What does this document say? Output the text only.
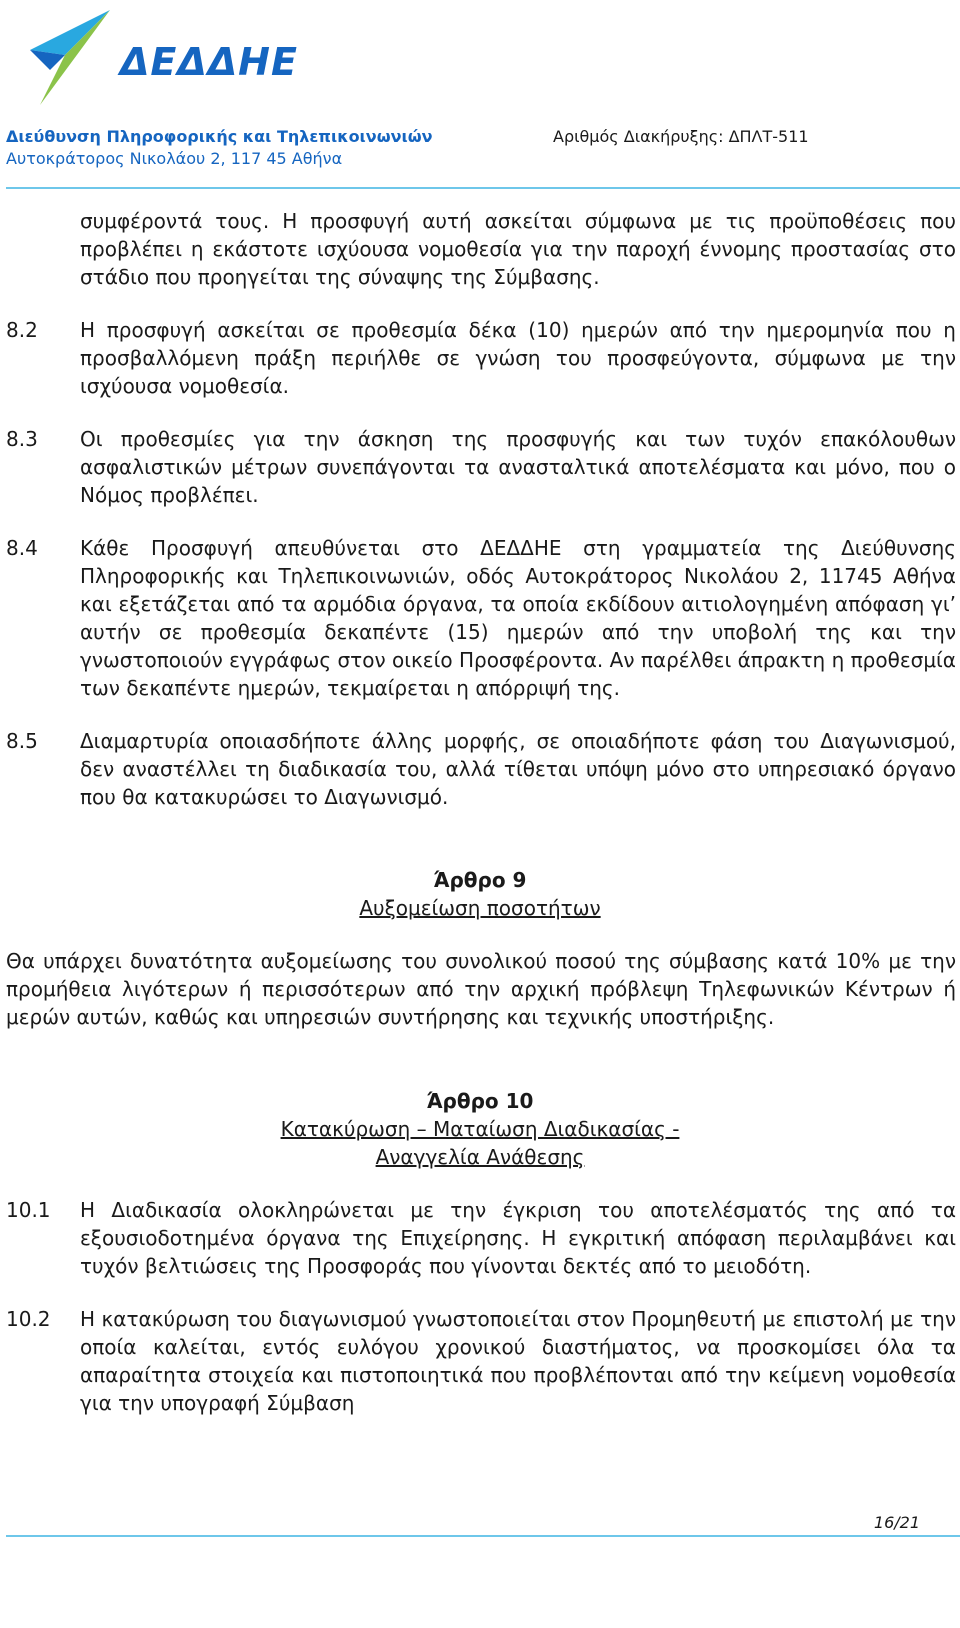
ΔΕΔΔΗΕ
Διεύθυνση Πληροφορικής και Τηλεπικοινωνιών
Αυτοκράτορος Νικολάου 2, 117 45 Αθήνα
Αριθμός Διακήρυξης: ΔΠΛΤ-511

συμφέροντά τους. Η προσφυγή αυτή ασκείται σύμφωνα με τις προϋποθέσεις που προβλέπει η εκάστοτε ισχύουσα νομοθεσία για την παροχή έννομης προστασίας στο στάδιο που προηγείται της σύναψης της Σύμβασης.

8.2	Η προσφυγή ασκείται σε προθεσμία δέκα (10) ημερών από την ημερομηνία που η προσβαλλόμενη πράξη περιήλθε σε γνώση του προσφεύγοντα, σύμφωνα με την ισχύουσα νομοθεσία.
8.3	Οι προθεσμίες για την άσκηση της προσφυγής και των τυχόν επακόλουθων ασφαλιστικών μέτρων συνεπάγονται τα ανασταλτικά αποτελέσματα και μόνο, που ο Νόμος προβλέπει.
8.4	Κάθε Προσφυγή απευθύνεται στο ΔΕΔΔΗΕ στη γραμματεία της Διεύθυνσης Πληροφορικής και Τηλεπικοινωνιών, οδός Αυτοκράτορος Νικολάου 2, 11745 Αθήνα και εξετάζεται από τα αρμόδια όργανα, τα οποία εκδίδουν αιτιολογημένη απόφαση γι’ αυτήν σε προθεσμία δεκαπέντε (15) ημερών από την υποβολή της και την γνωστοποιούν εγγράφως στον οικείο Προσφέροντα. Αν παρέλθει άπρακτη η προθεσμία των δεκαπέντε ημερών, τεκμαίρεται η απόρριψή της.
8.5	Διαμαρτυρία οποιασδήποτε άλλης μορφής, σε οποιαδήποτε φάση του Διαγωνισμού, δεν αναστέλλει τη διαδικασία του, αλλά τίθεται υπόψη μόνο στο υπηρεσιακό όργανο που θα κατακυρώσει το Διαγωνισμό.

Άρθρο 9

Αυξομείωση ποσοτήτων

Θα υπάρχει δυνατότητα αυξομείωσης του συνολικού ποσού της σύμβασης κατά 10% με την προμήθεια λιγότερων ή περισσότερων από την αρχική πρόβλεψη Τηλεφωνικών Κέντρων ή μερών αυτών, καθώς και υπηρεσιών συντήρησης και τεχνικής υποστήριξης.

Άρθρο 10

Κατακύρωση – Ματαίωση Διαδικασίας -

Αναγγελία Ανάθεσης

10.1	Η Διαδικασία ολοκληρώνεται με την έγκριση του αποτελέσματός της από τα εξουσιοδοτημένα όργανα της Επιχείρησης. Η εγκριτική απόφαση περιλαμβάνει και τυχόν βελτιώσεις της Προσφοράς που γίνονται δεκτές από το μειοδότη.
10.2	Η κατακύρωση του διαγωνισμού γνωστοποιείται στον Προμηθευτή με επιστολή με την οποία καλείται, εντός ευλόγου χρονικού διαστήματος, να προσκομίσει όλα τα απαραίτητα στοιχεία και πιστοποιητικά που προβλέπονται από την κείμενη νομοθεσία για την υπογραφή Σύμβαση
16/21
